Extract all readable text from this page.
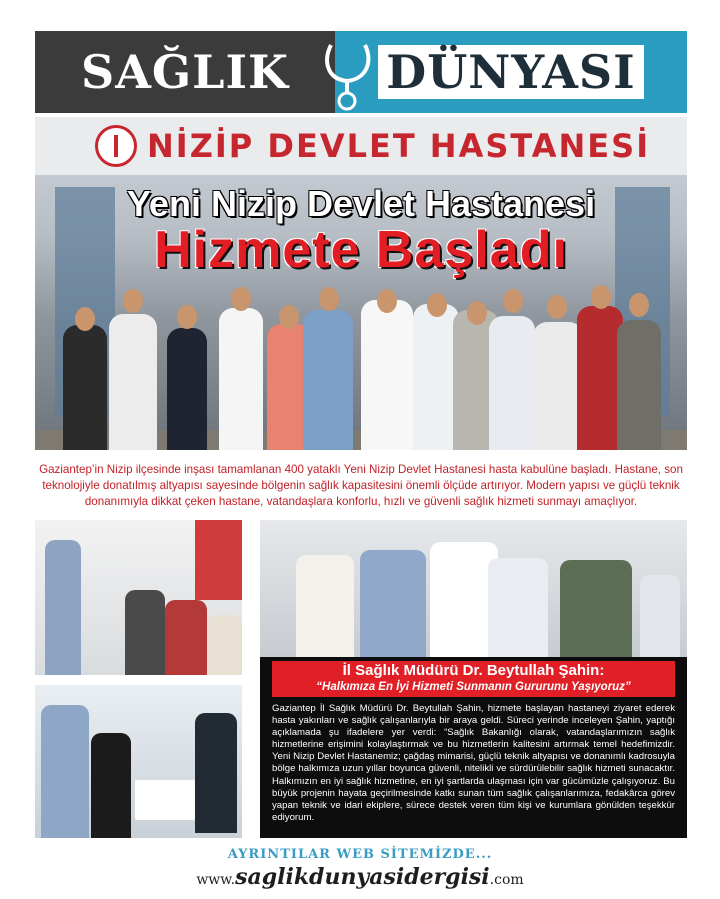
SAĞLIK DÜNYASI
NİZİP DEVLET HASTANESİ
Yeni Nizip Devlet Hastanesi
Hizmete Başladı

Gaziantep’in Nizip ilçesinde inşası tamamlanan 400 yataklı Yeni Nizip Devlet Hastanesi hasta kabulüne başladı. Hastane, son teknolojiyle donatılmış altyapısı sayesinde bölgenin sağlık kapasitesini önemli ölçüde artırıyor. Modern yapısı ve güçlü teknik donanımıyla dikkat çeken hastane, vatandaşlara konforlu, hızlı ve güvenli sağlık hizmeti sunmayı amaçlıyor.

İl Sağlık Müdürü Dr. Beytullah Şahin:
“Halkımıza En İyi Hizmeti Sunmanın Gururunu Yaşıyoruz”

Gaziantep İl Sağlık Müdürü Dr. Beytullah Şahin, hizmete başlayan hastaneyi ziyaret ederek hasta yakınları ve sağlık çalışanlarıyla bir araya geldi. Süreci yerinde inceleyen Şahin, yaptığı açıklamada şu ifadelere yer verdi: “Sağlık Bakanlığı olarak, vatandaşlarımızın sağlık hizmetlerine erişimini kolaylaştırmak ve bu hizmetlerin kalitesini artırmak temel hedefimizdir. Yeni Nizip Devlet Hastanemiz; çağdaş mimarisi, güçlü teknik altyapısı ve donanımlı kadrosuyla bölge halkımıza uzun yıllar boyunca güvenli, nitelikli ve sürdürülebilir sağlık hizmeti sunacaktır. Halkımızın en iyi sağlık hizmetine, en iyi şartlarda ulaşması için var gücümüzle çalışıyoruz. Bu büyük projenin hayata geçirilmesinde katkı sunan tüm sağlık çalışanlarımıza, fedakârca görev yapan teknik ve idari ekiplere, sürece destek veren tüm kişi ve kurumlara gönülden teşekkür ediyorum.

AYRINTILAR WEB SİTEMİZDE...
www.saglikdunyasidergisi.com
